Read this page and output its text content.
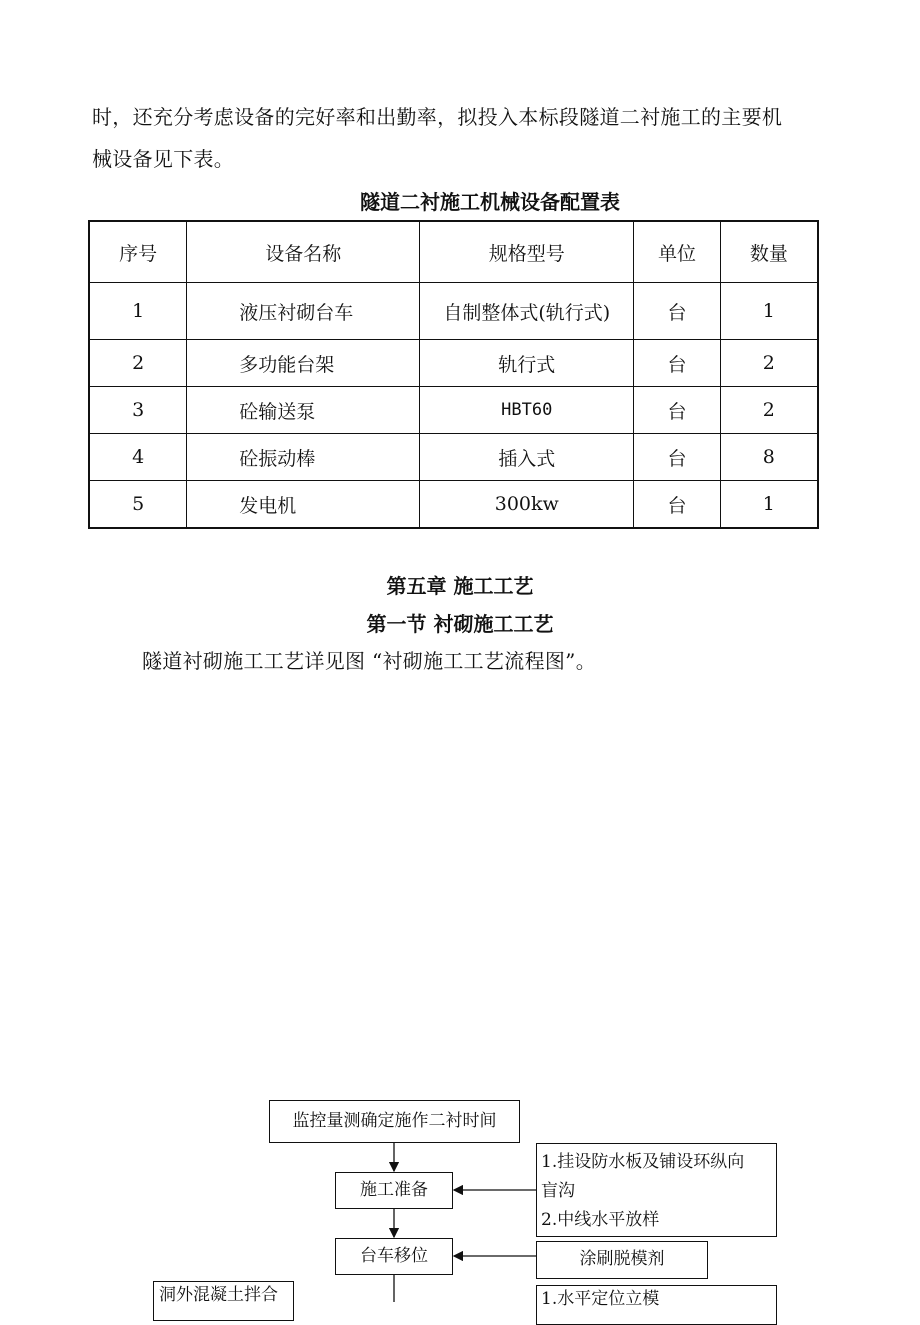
时，还充分考虑设备的完好率和出勤率，拟投入本标段隧道二衬施工的主要机
械设备见下表。
隧道二衬施工机械设备配置表
序号	设备名称	规格型号	单位	数量
1	液压衬砌台车	自制整体式(轨行式)	台	1
2	多功能台架	轨行式	台	2
3	砼输送泵	HBT60	台	2
4	砼振动棒	插入式	台	8
5	发电机	300kw	台	1
第五章 施工工艺
第一节 衬砌施工工艺
隧道衬砌施工工艺详见图 “衬砌施工工艺流程图”。
监控量测确定施作二衬时间
施工准备
台车移位
1.挂设防水板及铺设环纵向
盲沟
2.中线水平放样
涂刷脱模剂
洞外混凝土拌合	1.水平定位立模
